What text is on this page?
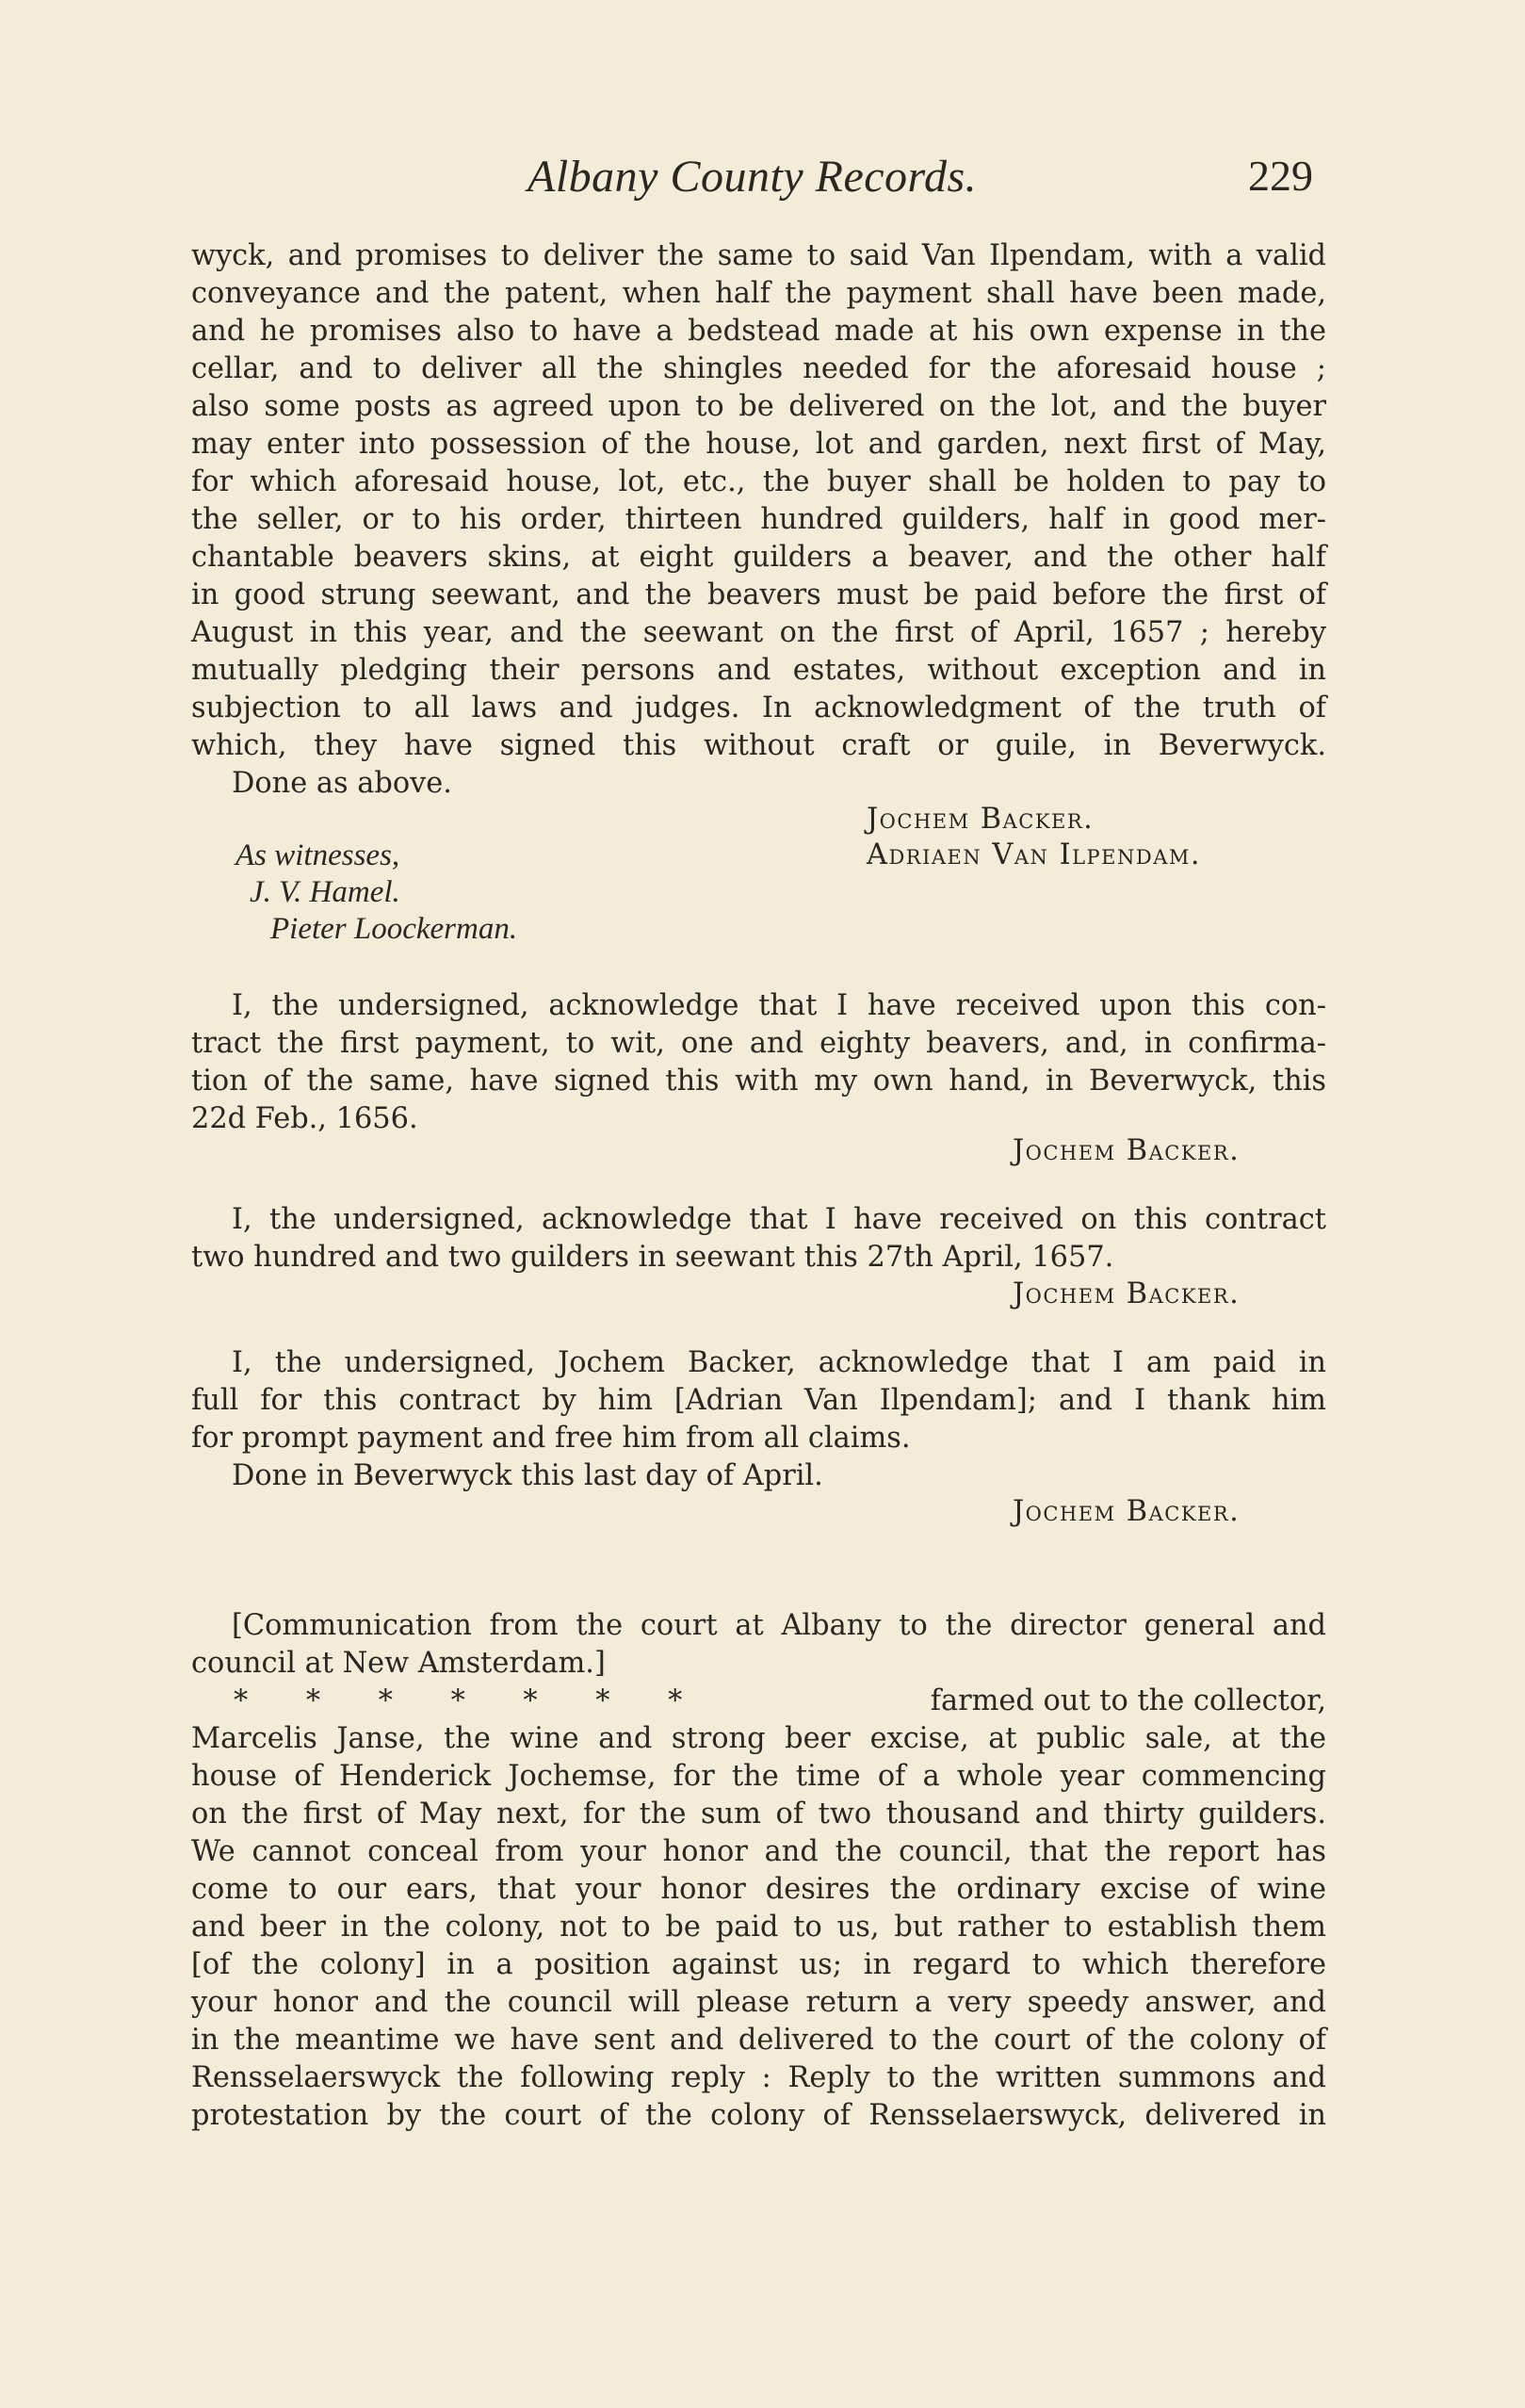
Albany County Records.	229
wyck, and promises to deliver the same to said Van Ilpendam, with a valid
conveyance and the patent, when half the payment shall have been made,
and he promises also to have a bedstead made at his own expense in the
cellar, and to deliver all the shingles needed for the aforesaid house ;
also some posts as agreed upon to be delivered on the lot, and the buyer
may enter into possession of the house, lot and garden, next first of May,
for which aforesaid house, lot, etc., the buyer shall be holden to pay to
the seller, or to his order, thirteen hundred guilders, half in good mer-
chantable beavers skins, at eight guilders a beaver, and the other half
in good strung seewant, and the beavers must be paid before the first of
August in this year, and the seewant on the first of April, 1657 ; hereby
mutually pledging their persons and estates, without exception and in
subjection to all laws and judges. In acknowledgment of the truth of
which, they have signed this without craft or guile, in Beverwyck.
Done as above.
Jochem Backer.
As witnesses,	Adriaen Van Ilpendam.
J. V. Hamel.
Pieter Loockerman.
I, the undersigned, acknowledge that I have received upon this con-
tract the first payment, to wit, one and eighty beavers, and, in confirma-
tion of the same, have signed this with my own hand, in Beverwyck, this
22d Feb., 1656.
Jochem Backer.
I, the undersigned, acknowledge that I have received on this contract
two hundred and two guilders in seewant this 27th April, 1657.
Jochem Backer.
I, the undersigned, Jochem Backer, acknowledge that I am paid in
full for this contract by him [Adrian Van Ilpendam]; and I thank him
for prompt payment and free him from all claims.
Done in Beverwyck this last day of April.
Jochem Backer.
[Communication from the court at Albany to the director general and
council at New Amsterdam.]
* * * * * * *	farmed out to the collector,
Marcelis Janse, the wine and strong beer excise, at public sale, at the
house of Henderick Jochemse, for the time of a whole year commencing
on the first of May next, for the sum of two thousand and thirty guilders.
We cannot conceal from your honor and the council, that the report has
come to our ears, that your honor desires the ordinary excise of wine
and beer in the colony, not to be paid to us, but rather to establish them
[of the colony] in a position against us; in regard to which therefore
your honor and the council will please return a very speedy answer, and
in the meantime we have sent and delivered to the court of the colony of
Rensselaerswyck the following reply : Reply to the written summons and
protestation by the court of the colony of Rensselaerswyck, delivered in
